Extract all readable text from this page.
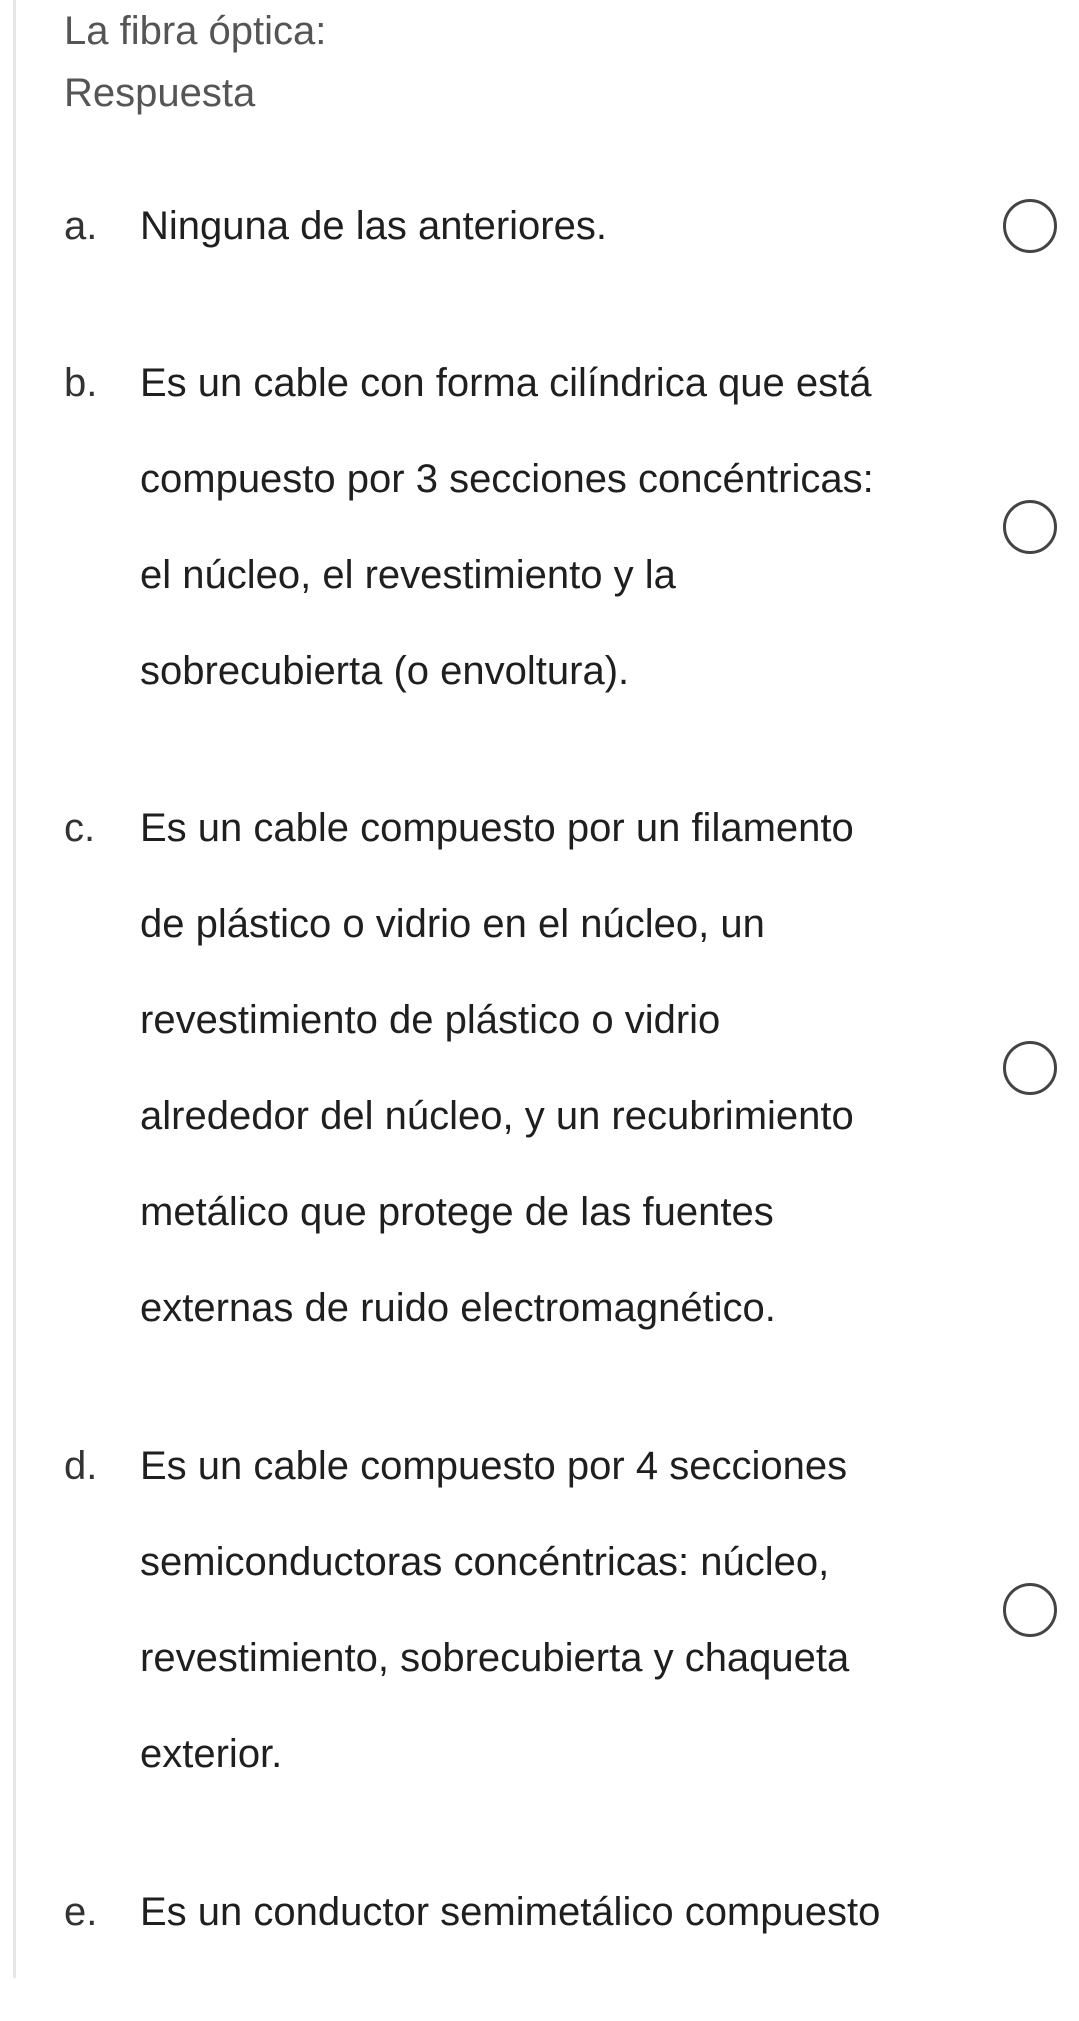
La fibra óptica:
Respuesta
a. Ninguna de las anteriores.
b. Es un cable con forma cilíndrica que está
compuesto por 3 secciones concéntricas:
el núcleo, el revestimiento y la
sobrecubierta (o envoltura).
c. Es un cable compuesto por un filamento
de plástico o vidrio en el núcleo, un
revestimiento de plástico o vidrio
alrededor del núcleo, y un recubrimiento
metálico que protege de las fuentes
externas de ruido electromagnético.
d. Es un cable compuesto por 4 secciones
semiconductoras concéntricas: núcleo,
revestimiento, sobrecubierta y chaqueta
exterior.
e. Es un conductor semimetálico compuesto
